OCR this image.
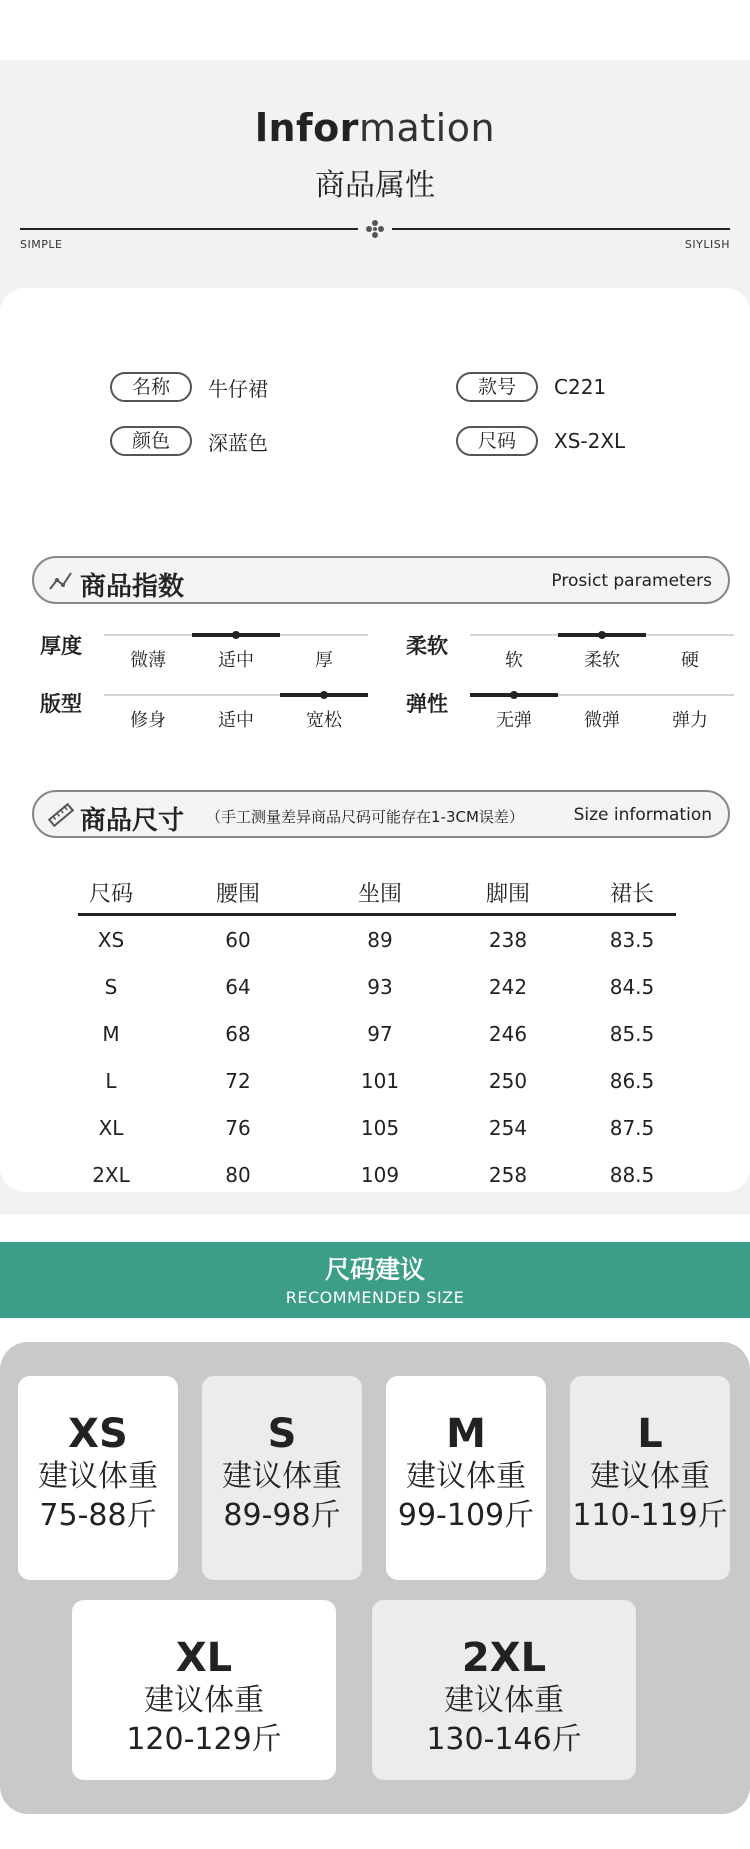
lnformation
商品属性
SIMPLE	SIYLISH
名称	牛仔裙	款号	C221
颜色	深蓝色	尺码	XS-2XL
商品指数	Prosict parameters
厚度
微薄	适中	厚
柔软
软	柔软	硬
版型
修身	适中	宽松
弹性
无弹	微弹	弹力
商品尺寸 （手工测量差异商品尺码可能存在1-3CM误差）	Size information
尺码	腰围	坐围	脚围	裙长
XS	60	89	238	83.5
S	64	93	242	84.5
M	68	97	246	85.5
L	72	101	250	86.5
XL	76	105	254	87.5
2XL	80	109	258	88.5
尺码建议
RECOMMENDED SIZE
XS
建议体重
75-88斤
S
建议体重
89-98斤
M
建议体重
99-109斤
L
建议体重
110-119斤
XL
建议体重
120-129斤
2XL
建议体重
130-146斤
